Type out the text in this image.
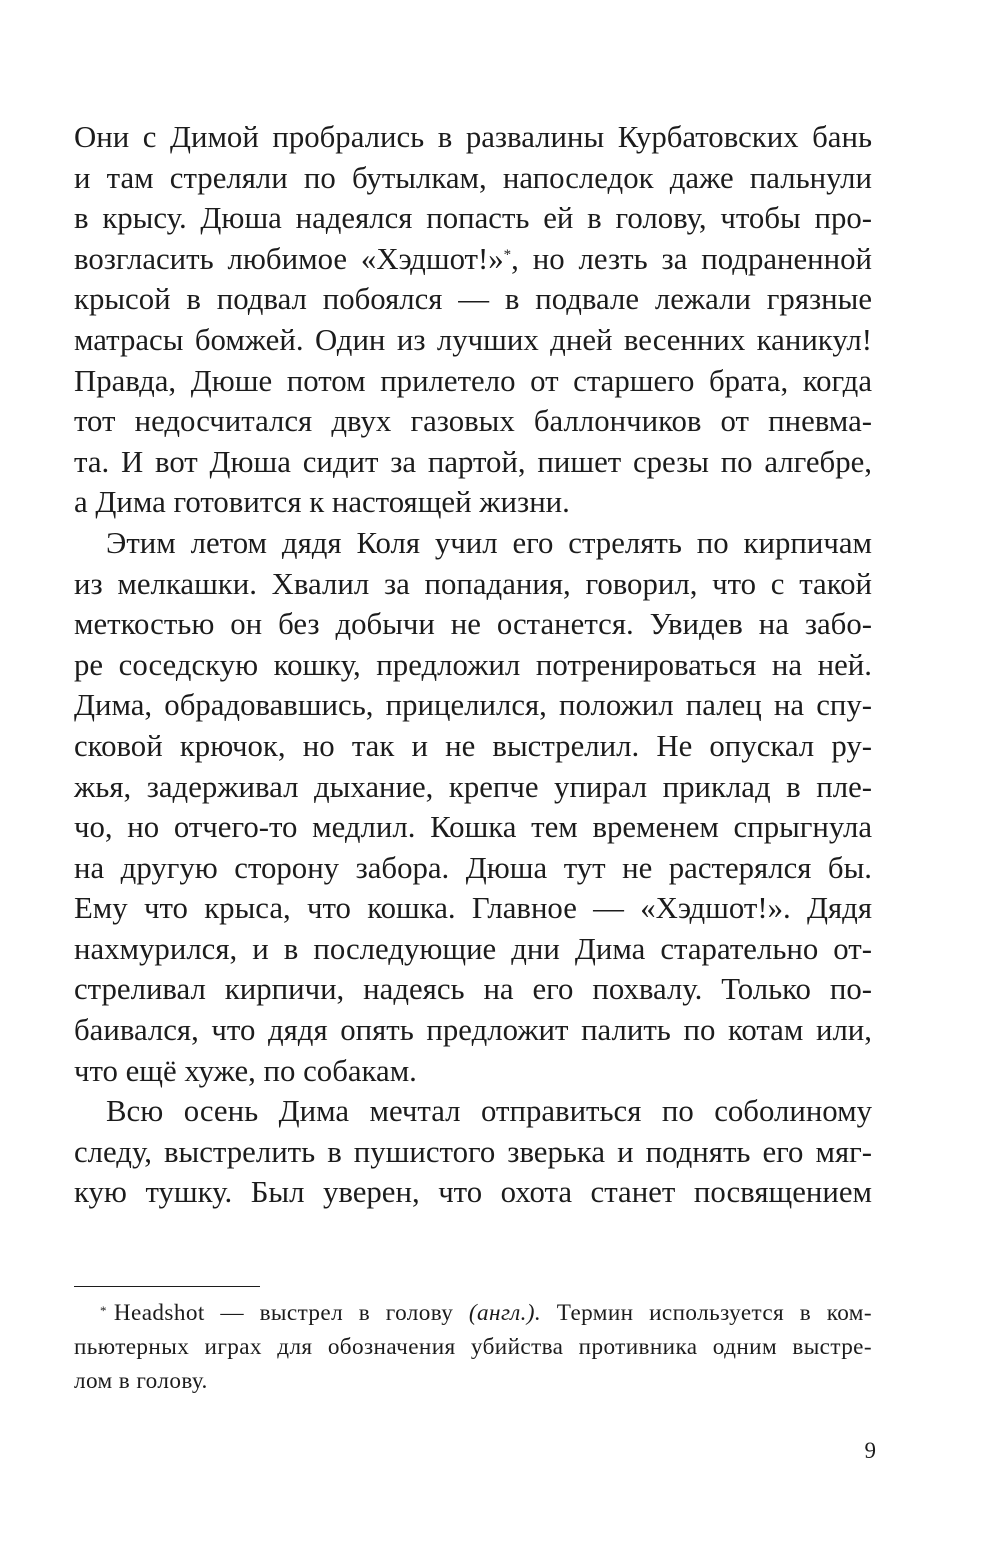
Они с Димой пробрались в развалины Курбатовских бань
и там стреляли по бутылкам, напоследок даже пальнули
в крысу. Дюша надеялся попасть ей в голову, чтобы про-
возгласить любимое «Хэдшот!»*, но лезть за подраненной
крысой в подвал побоялся — в подвале лежали грязные
матрасы бомжей. Один из лучших дней весенних каникул!
Правда, Дюше потом прилетело от старшего брата, когда
тот недосчитался двух газовых баллончиков от пневма-
та. И вот Дюша сидит за партой, пишет срезы по алгебре,
а Дима готовится к настоящей жизни.
Этим летом дядя Коля учил его стрелять по кирпичам
из мелкашки. Хвалил за попадания, говорил, что с такой
меткостью он без добычи не останется. Увидев на забо-
ре соседскую кошку, предложил потренироваться на ней.
Дима, обрадовавшись, прицелился, положил палец на спу-
сковой крючок, но так и не выстрелил. Не опускал ру-
жья, задерживал дыхание, крепче упирал приклад в пле-
чо, но отчего-то медлил. Кошка тем временем спрыгнула
на другую сторону забора. Дюша тут не растерялся бы.
Ему что крыса, что кошка. Главное — «Хэдшот!». Дядя
нахмурился, и в последующие дни Дима старательно от-
стреливал кирпичи, надеясь на его похвалу. Только по-
баивался, что дядя опять предложит палить по котам или,
что ещё хуже, по собакам.
Всю осень Дима мечтал отправиться по соболиному
следу, выстрелить в пушистого зверька и поднять его мяг-
кую тушку. Был уверен, что охота станет посвящением
* Headshot — выстрел в голову (англ.). Термин используется в ком-
пьютерных играх для обозначения убийства противника одним выстре-
лом в голову.
9
